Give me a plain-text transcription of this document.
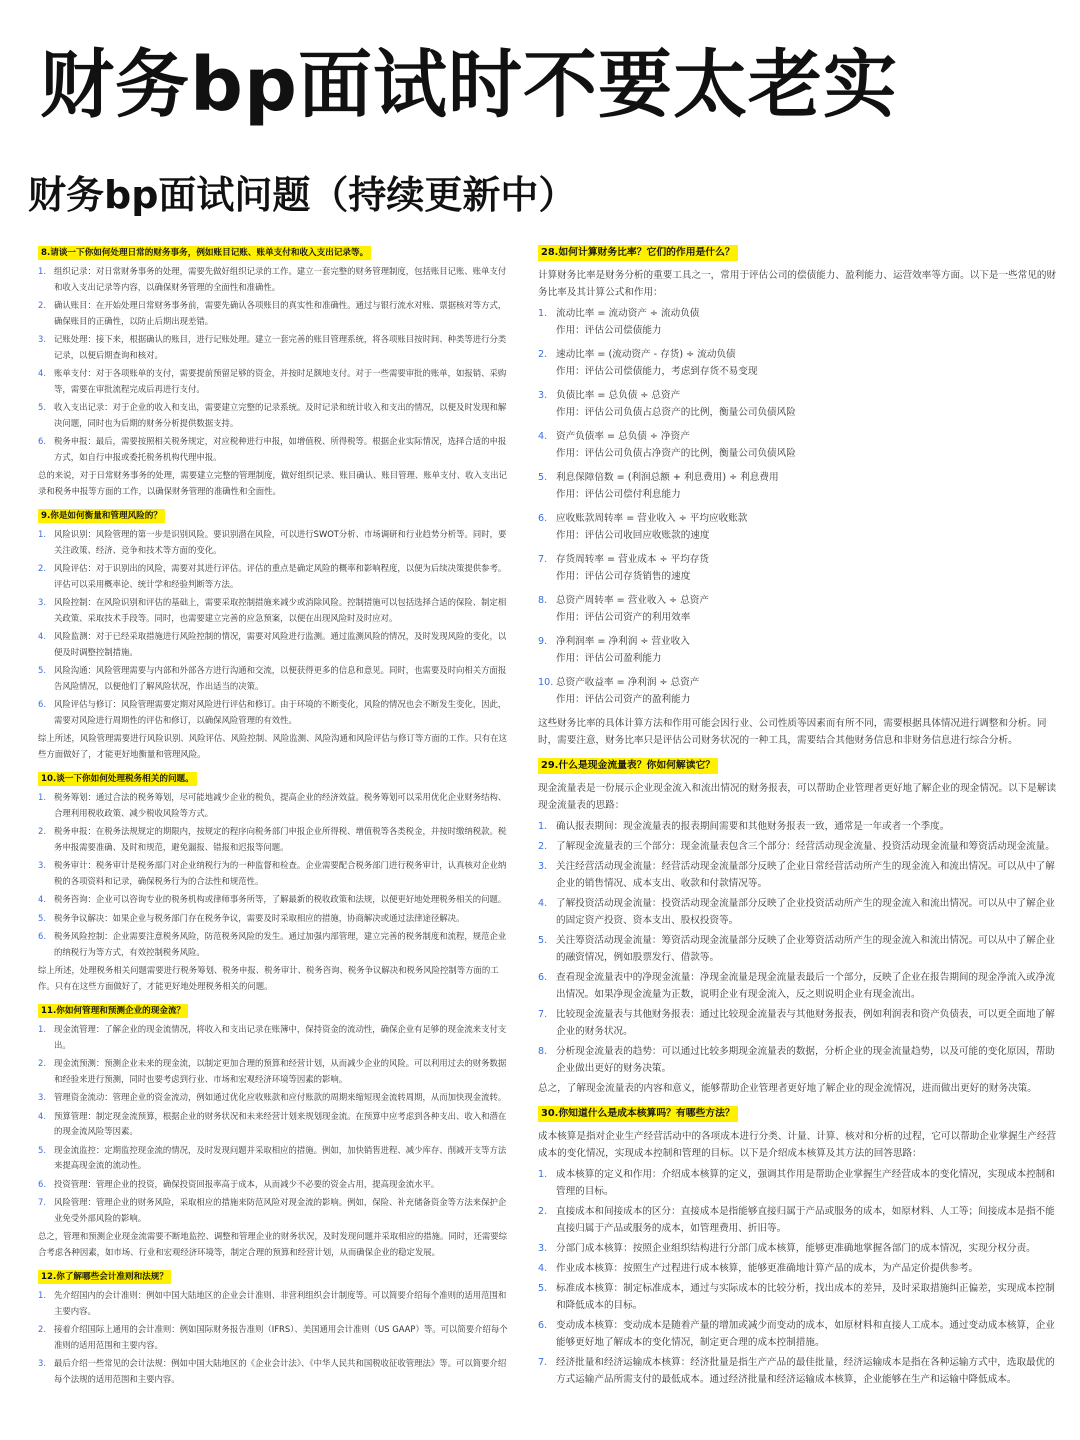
财务bp面试时不要太老实
财务bp面试问题（持续更新中）
8.请谈一下你如何处理日常的财务事务，例如账目记账、账单支付和收入支出记录等。
1. 组织记录：对日常财务事务的处理，需要先做好组织记录的工作。建立一套完整的财务管理制度，包括账目记账、账单支付和收入支出记录等内容，以确保财务管理的全面性和准确性。
2. 确认账目：在开始处理日常财务事务前，需要先确认各项账目的真实性和准确性。通过与银行流水对账、票据核对等方式，确保账目的正确性，以防止后期出现差错。
3. 记账处理：接下来，根据确认的账目，进行记账处理。建立一套完善的账目管理系统，将各项账目按时间、种类等进行分类记录，以便后期查询和核对。
4. 账单支付：对于各项账单的支付，需要提前预留足够的资金，并按时足额地支付。对于一些需要审批的账单，如报销、采购等，需要在审批流程完成后再进行支付。
5. 收入支出记录：对于企业的收入和支出，需要建立完整的记录系统。及时记录和统计收入和支出的情况，以便及时发现和解决问题，同时也为后期的财务分析提供数据支持。
6. 税务申报：最后，需要按照相关税务规定，对应税种进行申报，如增值税、所得税等。根据企业实际情况，选择合适的申报方式，如自行申报或委托税务机构代理申报。
总的来说，对于日常财务事务的处理，需要建立完整的管理制度，做好组织记录、账目确认、账目管理、账单支付、收入支出记录和税务申报等方面的工作，以确保财务管理的准确性和全面性。
9.你是如何衡量和管理风险的？
1. 风险识别：风险管理的第一步是识别风险。要识别潜在风险，可以进行SWOT分析、市场调研和行业趋势分析等。同时，要关注政策、经济、竞争和技术等方面的变化。
2. 风险评估：对于识别出的风险，需要对其进行评估。评估的重点是确定风险的概率和影响程度，以便为后续决策提供参考。评估可以采用概率论、统计学和经验判断等方法。
3. 风险控制：在风险识别和评估的基础上，需要采取控制措施来减少或消除风险。控制措施可以包括选择合适的保险、制定相关政策、采取技术手段等。同时，也需要建立完善的应急预案，以便在出现风险时及时应对。
4. 风险监测：对于已经采取措施进行风险控制的情况，需要对风险进行监测。通过监测风险的情况，及时发现风险的变化，以便及时调整控制措施。
5. 风险沟通：风险管理需要与内部和外部各方进行沟通和交流，以便获得更多的信息和意见。同时，也需要及时向相关方面报告风险情况，以便他们了解风险状况，作出适当的决策。
6. 风险评估与修订：风险管理需要定期对风险进行评估和修订。由于环境的不断变化，风险的情况也会不断发生变化，因此，需要对风险进行周期性的评估和修订，以确保风险管理的有效性。
综上所述，风险管理需要进行风险识别、风险评估、风险控制、风险监测、风险沟通和风险评估与修订等方面的工作。只有在这些方面做好了，才能更好地衡量和管理风险。
10.谈一下你如何处理税务相关的问题。
1. 税务筹划：通过合法的税务筹划，尽可能地减少企业的税负，提高企业的经济效益。税务筹划可以采用优化企业财务结构、合理利用税收政策、减少税收风险等方式。
2. 税务申报：在税务法规规定的期限内，按规定的程序向税务部门申报企业所得税、增值税等各类税金，并按时缴纳税款。税务申报需要准确、及时和规范，避免漏报、错报和迟报等问题。
3. 税务审计：税务审计是税务部门对企业纳税行为的一种监督和检查。企业需要配合税务部门进行税务审计，认真核对企业纳税的各项资料和记录，确保税务行为的合法性和规范性。
4. 税务咨询：企业可以咨询专业的税务机构或律师事务所等，了解最新的税收政策和法规，以便更好地处理税务相关的问题。
5. 税务争议解决：如果企业与税务部门存在税务争议，需要及时采取相应的措施，协商解决或通过法律途径解决。
6. 税务风险控制：企业需要注意税务风险，防范税务风险的发生。通过加强内部管理，建立完善的税务制度和流程，规范企业的纳税行为等方式，有效控制税务风险。
综上所述，处理税务相关问题需要进行税务筹划、税务申报、税务审计、税务咨询、税务争议解决和税务风险控制等方面的工作。只有在这些方面做好了，才能更好地处理税务相关的问题。
11.你如何管理和预测企业的现金流？
1. 现金流管理：了解企业的现金流情况，将收入和支出记录在账簿中，保持资金的流动性，确保企业有足够的现金流来支付支出。
2. 现金流预测：预测企业未来的现金流，以制定更加合理的预算和经营计划，从而减少企业的风险。可以利用过去的财务数据和经验来进行预测，同时也要考虑到行业、市场和宏观经济环境等因素的影响。
3. 管理资金流动：管理企业的资金流动，例如通过优化应收账款和应付账款的周期来缩短现金流转周期，从而加快现金流转。
4. 预算管理：制定现金流预算，根据企业的财务状况和未来经营计划来规划现金流。在预算中应考虑到各种支出、收入和潜在的现金流风险等因素。
5. 现金流监控：定期监控现金流的情况，及时发现问题并采取相应的措施。例如，加快销售进程、减少库存、削减开支等方法来提高现金流的流动性。
6. 投资管理：管理企业的投资，确保投资回报率高于成本，从而减少不必要的资金占用，提高现金流水平。
7. 风险管理：管理企业的财务风险，采取相应的措施来防范风险对现金流的影响。例如，保险、补充储备资金等方法来保护企业免受外部风险的影响。
总之，管理和预测企业现金流需要不断地监控、调整和管理企业的财务状况，及时发现问题并采取相应的措施。同时，还需要综合考虑各种因素，如市场、行业和宏观经济环境等，制定合理的预算和经营计划，从而确保企业的稳定发展。
12.你了解哪些会计准则和法规？
1. 先介绍国内的会计准则：例如中国大陆地区的企业会计准则、非营利组织会计制度等。可以简要介绍每个准则的适用范围和主要内容。
2. 接着介绍国际上通用的会计准则：例如国际财务报告准则（IFRS）、美国通用会计准则（US GAAP）等。可以简要介绍每个准则的适用范围和主要内容。
3. 最后介绍一些常见的会计法规：例如中国大陆地区的《企业会计法》、《中华人民共和国税收征收管理法》等。可以简要介绍每个法规的适用范围和主要内容。
28.如何计算财务比率？它们的作用是什么？
计算财务比率是财务分析的重要工具之一，常用于评估公司的偿债能力、盈利能力、运营效率等方面。以下是一些常见的财务比率及其计算公式和作用：
1. 流动比率 = 流动资产 ÷ 流动负债
作用：评估公司偿债能力
2. 速动比率 = (流动资产 - 存货) ÷ 流动负债
作用：评估公司偿债能力，考虑到存货不易变现
3. 负债比率 = 总负债 ÷ 总资产
作用：评估公司负债占总资产的比例，衡量公司负债风险
4. 资产负债率 = 总负债 ÷ 净资产
作用：评估公司负债占净资产的比例，衡量公司负债风险
5. 利息保障倍数 = (利润总额 + 利息费用) ÷ 利息费用
作用：评估公司偿付利息能力
6. 应收账款周转率 = 营业收入 ÷ 平均应收账款
作用：评估公司收回应收账款的速度
7. 存货周转率 = 营业成本 ÷ 平均存货
作用：评估公司存货销售的速度
8. 总资产周转率 = 营业收入 ÷ 总资产
作用：评估公司资产的利用效率
9. 净利润率 = 净利润 ÷ 营业收入
作用：评估公司盈利能力
10. 总资产收益率 = 净利润 ÷ 总资产
作用：评估公司资产的盈利能力
这些财务比率的具体计算方法和作用可能会因行业、公司性质等因素而有所不同，需要根据具体情况进行调整和分析。同时，需要注意，财务比率只是评估公司财务状况的一种工具，需要结合其他财务信息和非财务信息进行综合分析。
29.什么是现金流量表？你如何解读它？
现金流量表是一份展示企业现金流入和流出情况的财务报表，可以帮助企业管理者更好地了解企业的现金情况。以下是解读现金流量表的思路：
1. 确认报表期间：现金流量表的报表期间需要和其他财务报表一致，通常是一年或者一个季度。
2. 了解现金流量表的三个部分：现金流量表包含三个部分：经营活动现金流量、投资活动现金流量和筹资活动现金流量。
3. 关注经营活动现金流量：经营活动现金流量部分反映了企业日常经营活动所产生的现金流入和流出情况。可以从中了解企业的销售情况、成本支出、收款和付款情况等。
4. 了解投资活动现金流量：投资活动现金流量部分反映了企业投资活动所产生的现金流入和流出情况。可以从中了解企业的固定资产投资、资本支出、股权投资等。
5. 关注筹资活动现金流量：筹资活动现金流量部分反映了企业筹资活动所产生的现金流入和流出情况。可以从中了解企业的融资情况，例如股票发行、借款等。
6. 查看现金流量表中的净现金流量：净现金流量是现金流量表最后一个部分，反映了企业在报告期间的现金净流入或净流出情况。如果净现金流量为正数，说明企业有现金流入，反之则说明企业有现金流出。
7. 比较现金流量表与其他财务报表：通过比较现金流量表与其他财务报表，例如利润表和资产负债表，可以更全面地了解企业的财务状况。
8. 分析现金流量表的趋势：可以通过比较多期现金流量表的数据，分析企业的现金流量趋势，以及可能的变化原因，帮助企业做出更好的财务决策。
总之，了解现金流量表的内容和意义，能够帮助企业管理者更好地了解企业的现金流情况，进而做出更好的财务决策。
30.你知道什么是成本核算吗？有哪些方法？
成本核算是指对企业生产经营活动中的各项成本进行分类、计量、计算、核对和分析的过程，它可以帮助企业掌握生产经营成本的变化情况，实现成本控制和管理的目标。以下是介绍成本核算及其方法的回答思路：
1. 成本核算的定义和作用：介绍成本核算的定义，强调其作用是帮助企业掌握生产经营成本的变化情况，实现成本控制和管理的目标。
2. 直接成本和间接成本的区分：直接成本是指能够直接归属于产品或服务的成本，如原材料、人工等；间接成本是指不能直接归属于产品或服务的成本，如管理费用、折旧等。
3. 分部门成本核算：按照企业组织结构进行分部门成本核算，能够更准确地掌握各部门的成本情况，实现分权分责。
4. 作业成本核算：按照生产过程进行成本核算，能够更准确地计算产品的成本，为产品定价提供参考。
5. 标准成本核算：制定标准成本，通过与实际成本的比较分析，找出成本的差异，及时采取措施纠正偏差，实现成本控制和降低成本的目标。
6. 变动成本核算：变动成本是随着产量的增加或减少而变动的成本，如原材料和直接人工成本。通过变动成本核算，企业能够更好地了解成本的变化情况，制定更合理的成本控制措施。
7. 经济批量和经济运输成本核算：经济批量是指生产产品的最佳批量，经济运输成本是指在各种运输方式中，选取最优的方式运输产品所需支付的最低成本。通过经济批量和经济运输成本核算，企业能够在生产和运输中降低成本。
